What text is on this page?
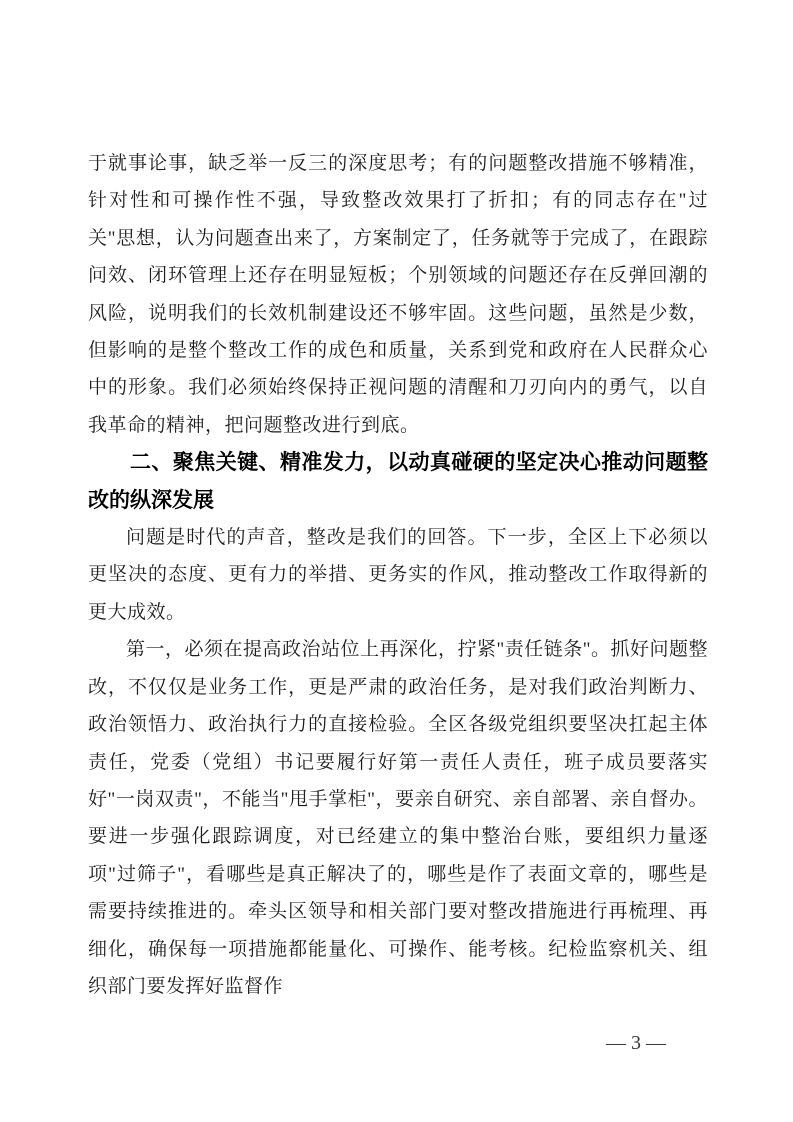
于就事论事，缺乏举一反三的深度思考；有的问题整改措施不够精准，针对性和可操作性不强，导致整改效果打了折扣；有的同志存在"过关"思想，认为问题查出来了，方案制定了，任务就等于完成了，在跟踪问效、闭环管理上还存在明显短板；个别领域的问题还存在反弹回潮的风险，说明我们的长效机制建设还不够牢固。这些问题，虽然是少数，但影响的是整个整改工作的成色和质量，关系到党和政府在人民群众心中的形象。我们必须始终保持正视问题的清醒和刀刃向内的勇气，以自我革命的精神，把问题整改进行到底。

二、聚焦关键、精准发力，以动真碰硬的坚定决心推动问题整改的纵深发展

问题是时代的声音，整改是我们的回答。下一步，全区上下必须以更坚决的态度、更有力的举措、更务实的作风，推动整改工作取得新的更大成效。

第一，必须在提高政治站位上再深化，拧紧"责任链条"。抓好问题整改，不仅仅是业务工作，更是严肃的政治任务，是对我们政治判断力、政治领悟力、政治执行力的直接检验。全区各级党组织要坚决扛起主体责任，党委（党组）书记要履行好第一责任人责任，班子成员要落实好"一岗双责"，不能当"甩手掌柜"，要亲自研究、亲自部署、亲自督办。要进一步强化跟踪调度，对已经建立的集中整治台账，要组织力量逐项"过筛子"，看哪些是真正解决了的，哪些是作了表面文章的，哪些是需要持续推进的。牵头区领导和相关部门要对整改措施进行再梳理、再细化，确保每一项措施都能量化、可操作、能考核。纪检监察机关、组织部门要发挥好监督作

— 3 —
